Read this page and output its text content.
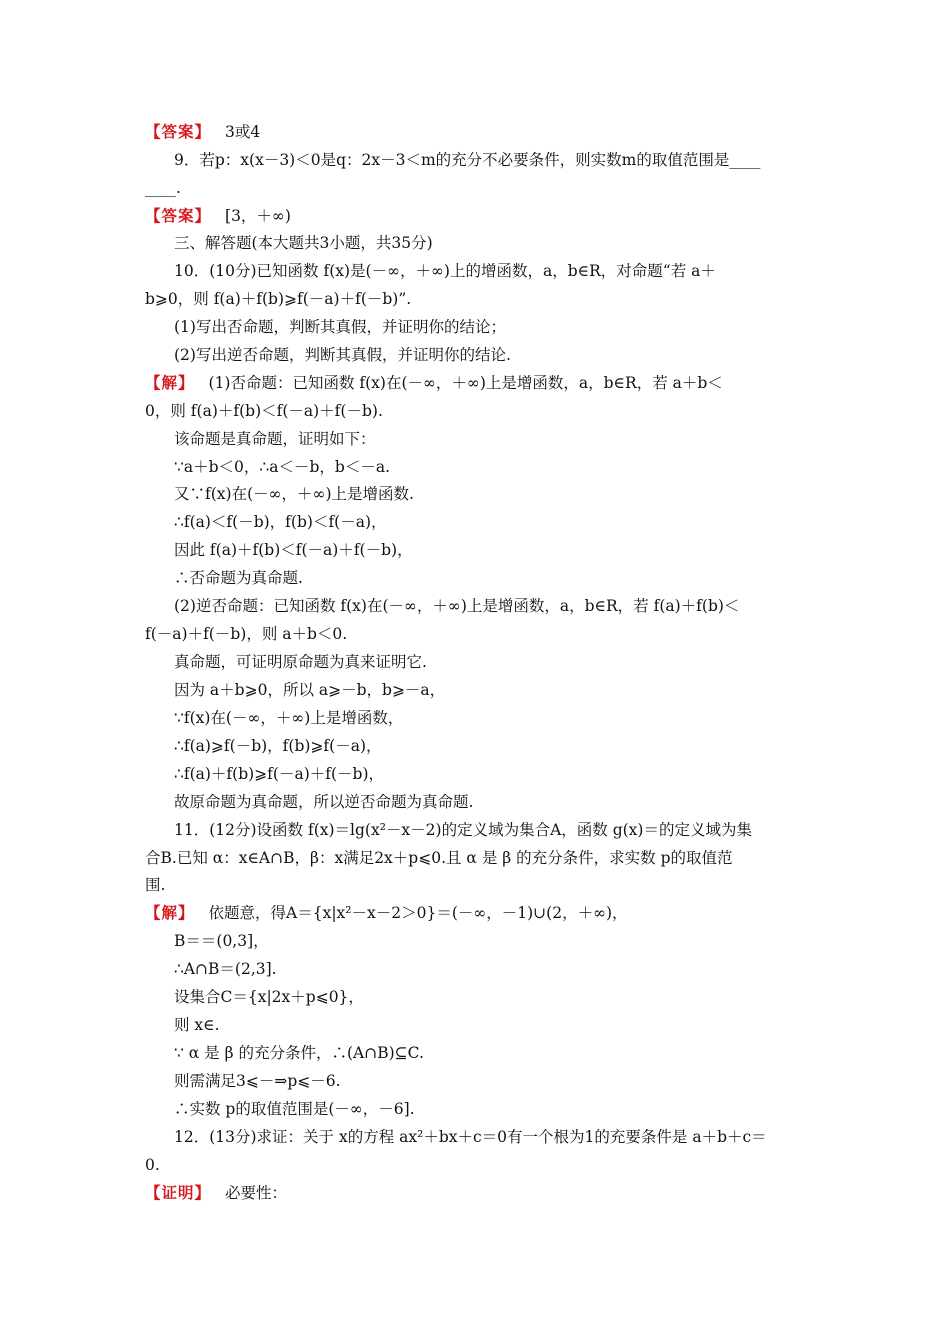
【答案】 3或4
9．若p：x(x－3)＜0是q：2x－3＜m的充分不必要条件，则实数m的取值范围是____
____.
【答案】 [3，＋∞)
三、解答题(本大题共3小题，共35分)
10．(10分)已知函数 f(x)是(－∞，＋∞)上的增函数，a，b∈R，对命题“若 a＋
b⩾0，则 f(a)＋f(b)⩾f(－a)＋f(－b)”.
(1)写出否命题，判断其真假，并证明你的结论；
(2)写出逆否命题，判断其真假，并证明你的结论.
【解】 (1)否命题：已知函数 f(x)在(－∞，＋∞)上是增函数，a，b∈R，若 a＋b＜
0，则 f(a)＋f(b)＜f(－a)＋f(－b).
该命题是真命题，证明如下：
∵a＋b＜0，∴a＜－b，b＜－a.
又∵f(x)在(－∞，＋∞)上是增函数.
∴f(a)＜f(－b)，f(b)＜f(－a)，
因此 f(a)＋f(b)＜f(－a)＋f(－b)，
∴否命题为真命题.
(2)逆否命题：已知函数 f(x)在(－∞，＋∞)上是增函数，a，b∈R，若 f(a)＋f(b)＜
f(－a)＋f(－b)，则 a＋b＜0.
真命题，可证明原命题为真来证明它.
因为 a＋b⩾0，所以 a⩾－b，b⩾－a，
∵f(x)在(－∞，＋∞)上是增函数，
∴f(a)⩾f(－b)，f(b)⩾f(－a)，
∴f(a)＋f(b)⩾f(－a)＋f(－b)，
故原命题为真命题，所以逆否命题为真命题.
11．(12分)设函数 f(x)＝lg(x²－x－2)的定义域为集合A，函数 g(x)＝的定义域为集
合B.已知 α：x∈A∩B，β：x满足2x＋p⩽0.且 α 是 β 的充分条件，求实数 p的取值范
围.
【解】 依题意，得A＝{x|x²－x－2＞0}＝(－∞，－1)∪(2，＋∞)，
B＝＝(0,3]，
∴A∩B＝(2,3].
设集合C＝{x|2x＋p⩽0}，
则 x∈.
∵ α 是 β 的充分条件，∴(A∩B)⊆C.
则需满足3⩽－⇒p⩽－6.
∴实数 p的取值范围是(－∞，－6].
12．(13分)求证：关于 x的方程 ax²＋bx＋c＝0有一个根为1的充要条件是 a＋b＋c＝
0.
【证明】 必要性：
